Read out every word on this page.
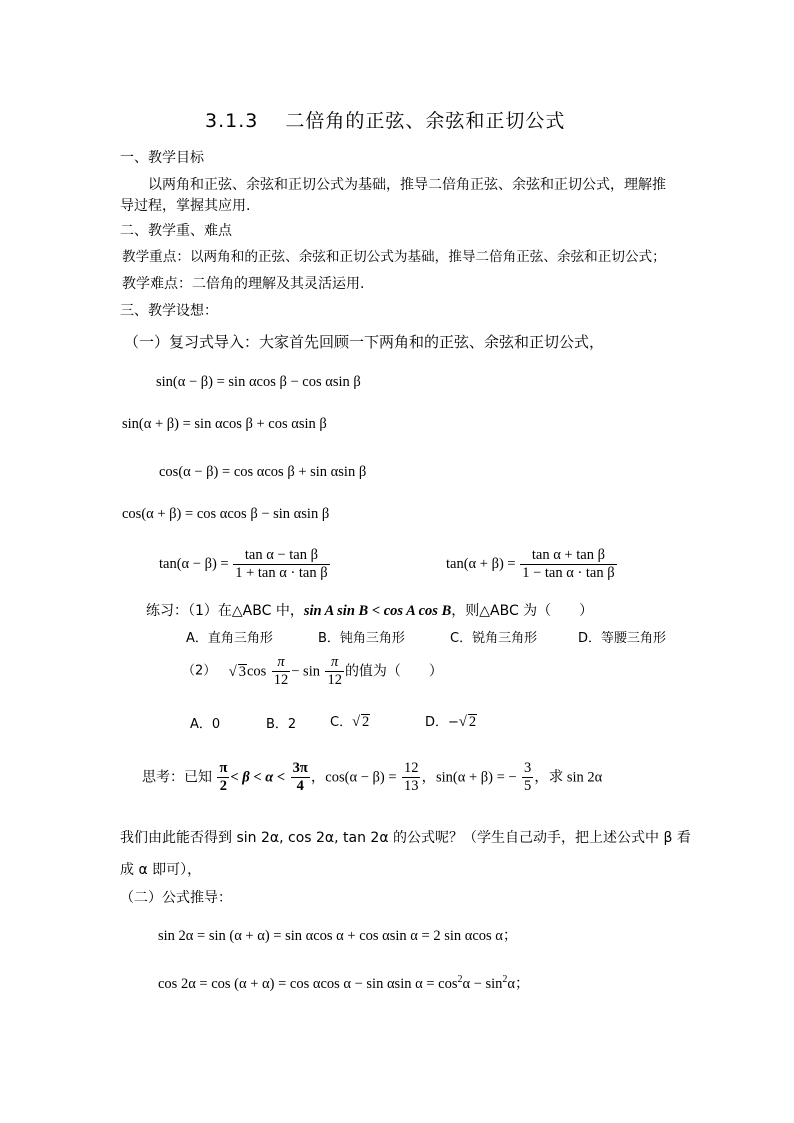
3.1.3　 二倍角的正弦、余弦和正切公式
一、教学目标
以两角和正弦、余弦和正切公式为基础，推导二倍角正弦、余弦和正切公式，理解推
导过程，掌握其应用.
二、教学重、难点
教学重点：以两角和的正弦、余弦和正切公式为基础，推导二倍角正弦、余弦和正切公式；
教学难点：二倍角的理解及其灵活运用.
三、教学设想：
（一）复习式导入：大家首先回顾一下两角和的正弦、余弦和正切公式，
sin(α − β) = sin αcos β − cos αsin β
sin(α + β) = sin αcos β + cos αsin β
cos(α − β) = cos αcos β + sin αsin β
cos(α + β) = cos αcos β − sin αsin β
$\tan(\alpha - \beta) = \frac{\text{tan α − tan β}}{\text{1 + tan α · tan β}}$	$\tan(\alpha + \beta) = \frac{\text{tan α + tan β}}{\text{1 − tan α · tan β}}$
练习：（1）在△ABC 中，sin A sin B < cos A cos B，则△ABC 为（　　）
A．直角三角形	B．钝角三角形	C．锐角三角形	D．等腰三角形
（2） √ $3\cos \frac{\pi}{12} - \sin \frac{\pi}{12}$ 的值为（　　）
A．0	B．2	C．√ 2	D．−√ 2
思考：已知 $\frac{\pi}{2} < \beta < \alpha < \frac{3\pi}{4}$ ，$\cos(\alpha - \beta) = \frac{12}{13}$ ，sin(α + β) = − $\frac{3}{5}$ ，求 sin 2α
我们由此能否得到 sin 2α, cos 2α, tan 2α 的公式呢？（学生自己动手，把上述公式中 β 看
成 α 即可），
（二）公式推导：
sin 2α = sin (α + α) = sin αcos α + cos αsin α = 2 sin αcos α；
cos 2α = cos (α + α) = cos αcos α − sin αsin $\alpha = \cos^2\alpha - \sin^2\alpha$；
